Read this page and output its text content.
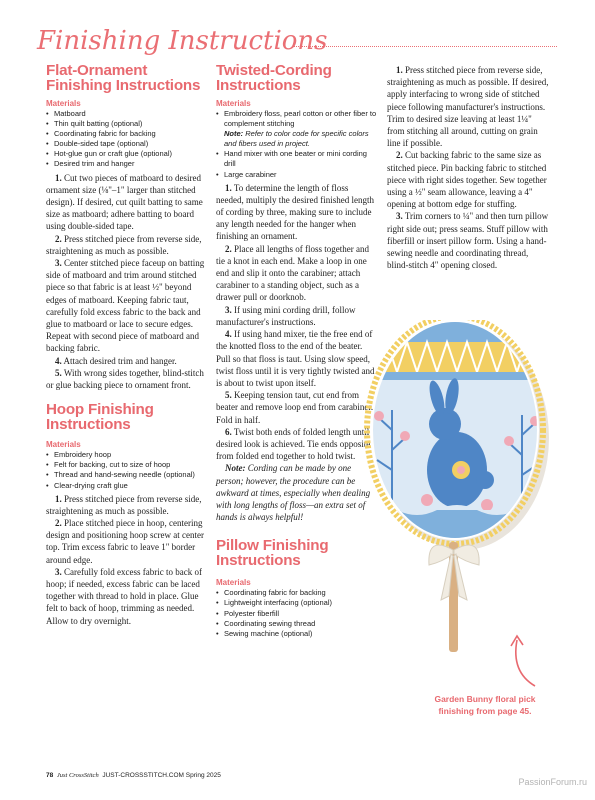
Finishing Instructions
Flat-Ornament
Finishing Instructions
Materials
• Matboard
• Thin quilt batting (optional)
• Coordinating fabric for backing
• Double-sided tape (optional)
• Hot-glue gun or craft glue (optional)
• Desired trim and hanger

1. Cut two pieces of matboard to desired ornament size (⅛"–1" larger than stitched design). If desired, cut quilt batting to same size as matboard; adhere batting to board using double-sided tape.

2. Press stitched piece from reverse side, straightening as much as possible.

3. Center stitched piece faceup on batting side of matboard and trim around stitched piece so that fabric is at least ½" beyond edges of matboard. Keeping fabric taut, carefully fold excess fabric to the back and glue to matboard or lace to secure edges. Repeat with second piece of matboard and backing fabric.

4. Attach desired trim and hanger.

5. With wrong sides together, blind-stitch or glue backing piece to ornament front.

Hoop Finishing
Instructions
Materials
• Embroidery hoop
• Felt for backing, cut to size of hoop
• Thread and hand-sewing needle (optional)
• Clear-drying craft glue

1. Press stitched piece from reverse side, straightening as much as possible.

2. Place stitched piece in hoop, centering design and positioning hoop screw at center top. Trim excess fabric to leave 1" border around edge.

3. Carefully fold excess fabric to back of hoop; if needed, excess fabric can be laced together with thread to hold in place. Glue felt to back of hoop, trimming as needed. Allow to dry overnight.

Twisted-Cording
Instructions
Materials
• Embroidery floss, pearl cotton or other fiber to complement stitching
Note: Refer to color code for specific colors and fibers used in project.
• Hand mixer with one beater or mini cording drill
• Large carabiner

1. To determine the length of floss needed, multiply the desired finished length of cording by three, making sure to include any length needed for the hanger when finishing an ornament.

2. Place all lengths of floss together and tie a knot in each end. Make a loop in one end and slip it onto the carabiner; attach carabiner to a standing object, such as a drawer pull or doorknob.

3. If using mini cording drill, follow manufacturer's instructions.

4. If using hand mixer, tie the free end of the knotted floss to the end of the beater. Pull so that floss is taut. Using slow speed, twist floss until it is very tightly twisted and is about to twist upon itself.

5. Keeping tension taut, cut end from beater and remove loop end from carabiner. Fold in half.

6. Twist both ends of folded length until desired look is achieved. Tie ends opposite from folded end together to hold twist.

Note: Cording can be made by one person; however, the procedure can be awkward at times, especially when dealing with long lengths of floss—an extra set of hands is always helpful!

Pillow Finishing
Instructions
Materials
• Coordinating fabric for backing
• Lightweight interfacing (optional)
• Polyester fiberfill
• Coordinating sewing thread
• Sewing machine (optional)

1. Press stitched piece from reverse side, straightening as much as possible. If desired, apply interfacing to wrong side of stitched piece following manufacturer's instructions. Trim to desired size leaving at least 1¼" from stitching all around, cutting on grain line if possible.

2. Cut backing fabric to the same size as stitched piece. Pin backing fabric to stitched piece with right sides together. Sew together using a ½" seam allowance, leaving a 4" opening at bottom edge for stuffing.

3. Trim corners to ¼" and then turn pillow right side out; press seams. Stuff pillow with fiberfill or insert pillow form. Using a hand-sewing needle and coordinating thread, blind-stitch 4" opening closed.

Garden Bunny floral pick
finishing from page 45.
78 Just CrossStitch JUST-CROSSSTITCH.COM Spring 2025
PassionForum.ru
